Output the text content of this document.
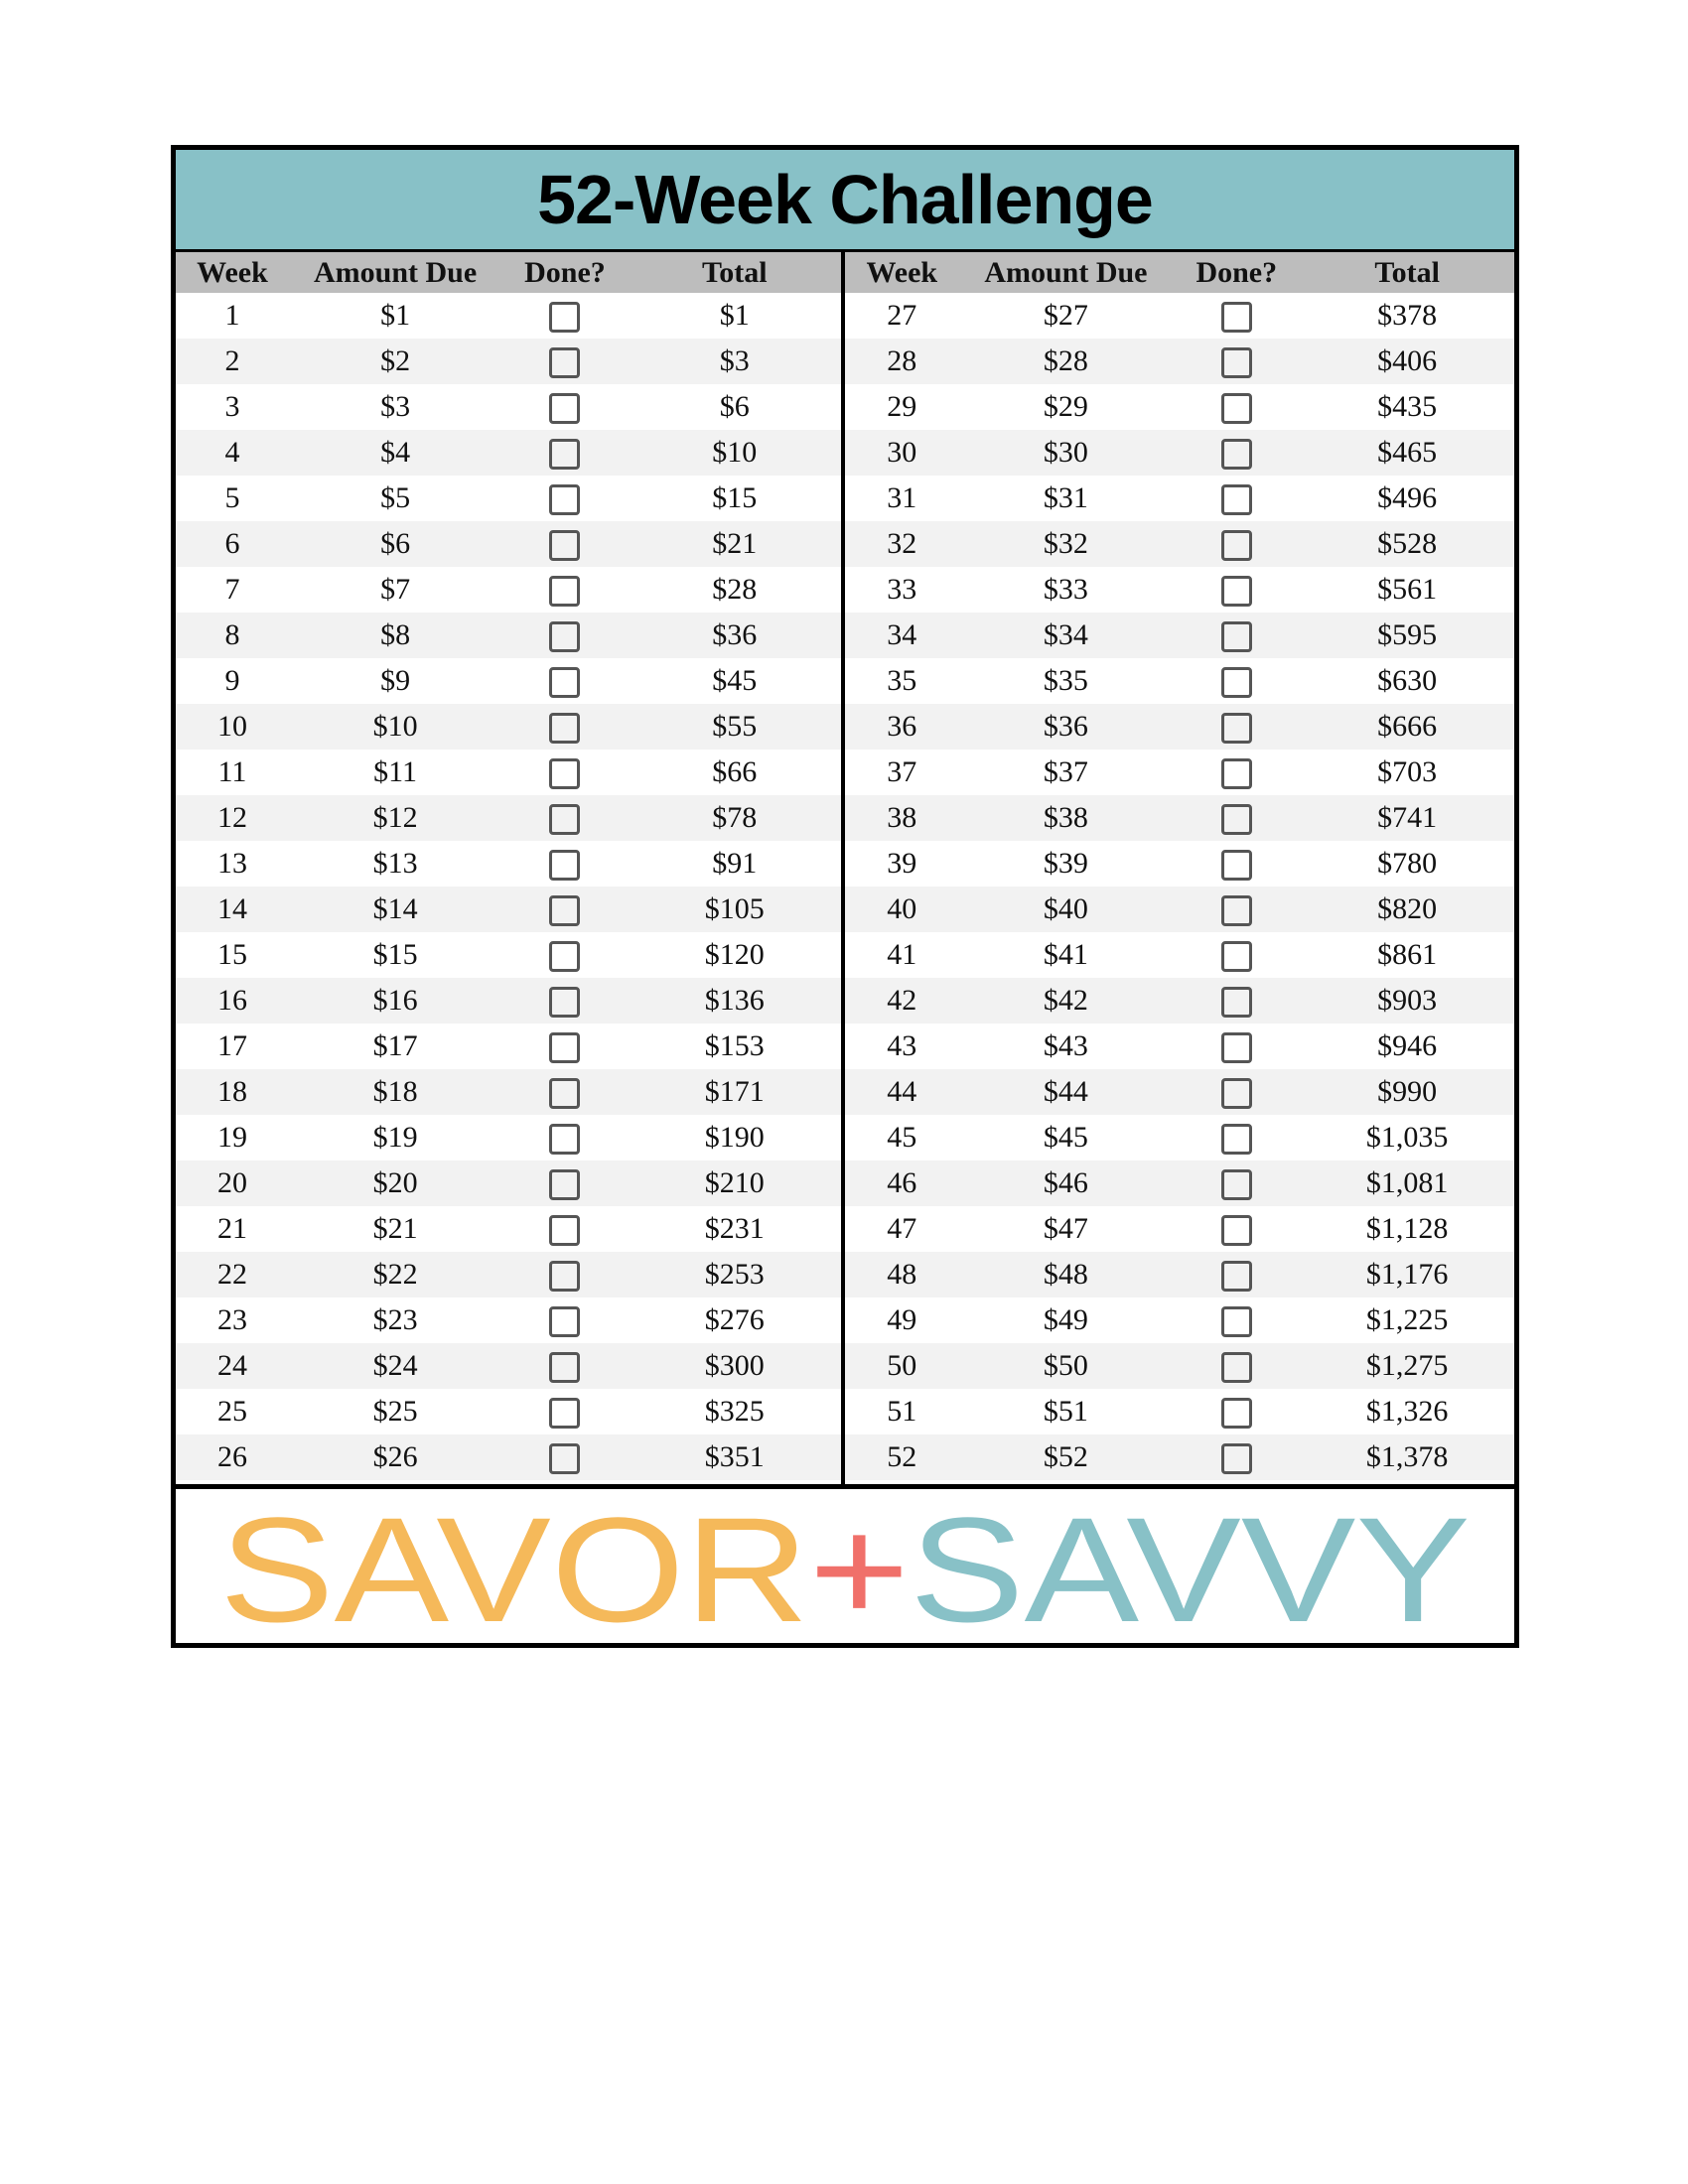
52-Week Challenge
Week	Amount Due	Done?	Total
1	$1		$1
2	$2		$3
3	$3		$6
4	$4		$10
5	$5		$15
6	$6		$21
7	$7		$28
8	$8		$36
9	$9		$45
10	$10		$55
11	$11		$66
12	$12		$78
13	$13		$91
14	$14		$105
15	$15		$120
16	$16		$136
17	$17		$153
18	$18		$171
19	$19		$190
20	$20		$210
21	$21		$231
22	$22		$253
23	$23		$276
24	$24		$300
25	$25		$325
26	$26		$351
Week	Amount Due	Done?	Total
27	$27		$378
28	$28		$406
29	$29		$435
30	$30		$465
31	$31		$496
32	$32		$528
33	$33		$561
34	$34		$595
35	$35		$630
36	$36		$666
37	$37		$703
38	$38		$741
39	$39		$780
40	$40		$820
41	$41		$861
42	$42		$903
43	$43		$946
44	$44		$990
45	$45		$1,035
46	$46		$1,081
47	$47		$1,128
48	$48		$1,176
49	$49		$1,225
50	$50		$1,275
51	$51		$1,326
52	$52		$1,378
SAVOR +SAVVY
